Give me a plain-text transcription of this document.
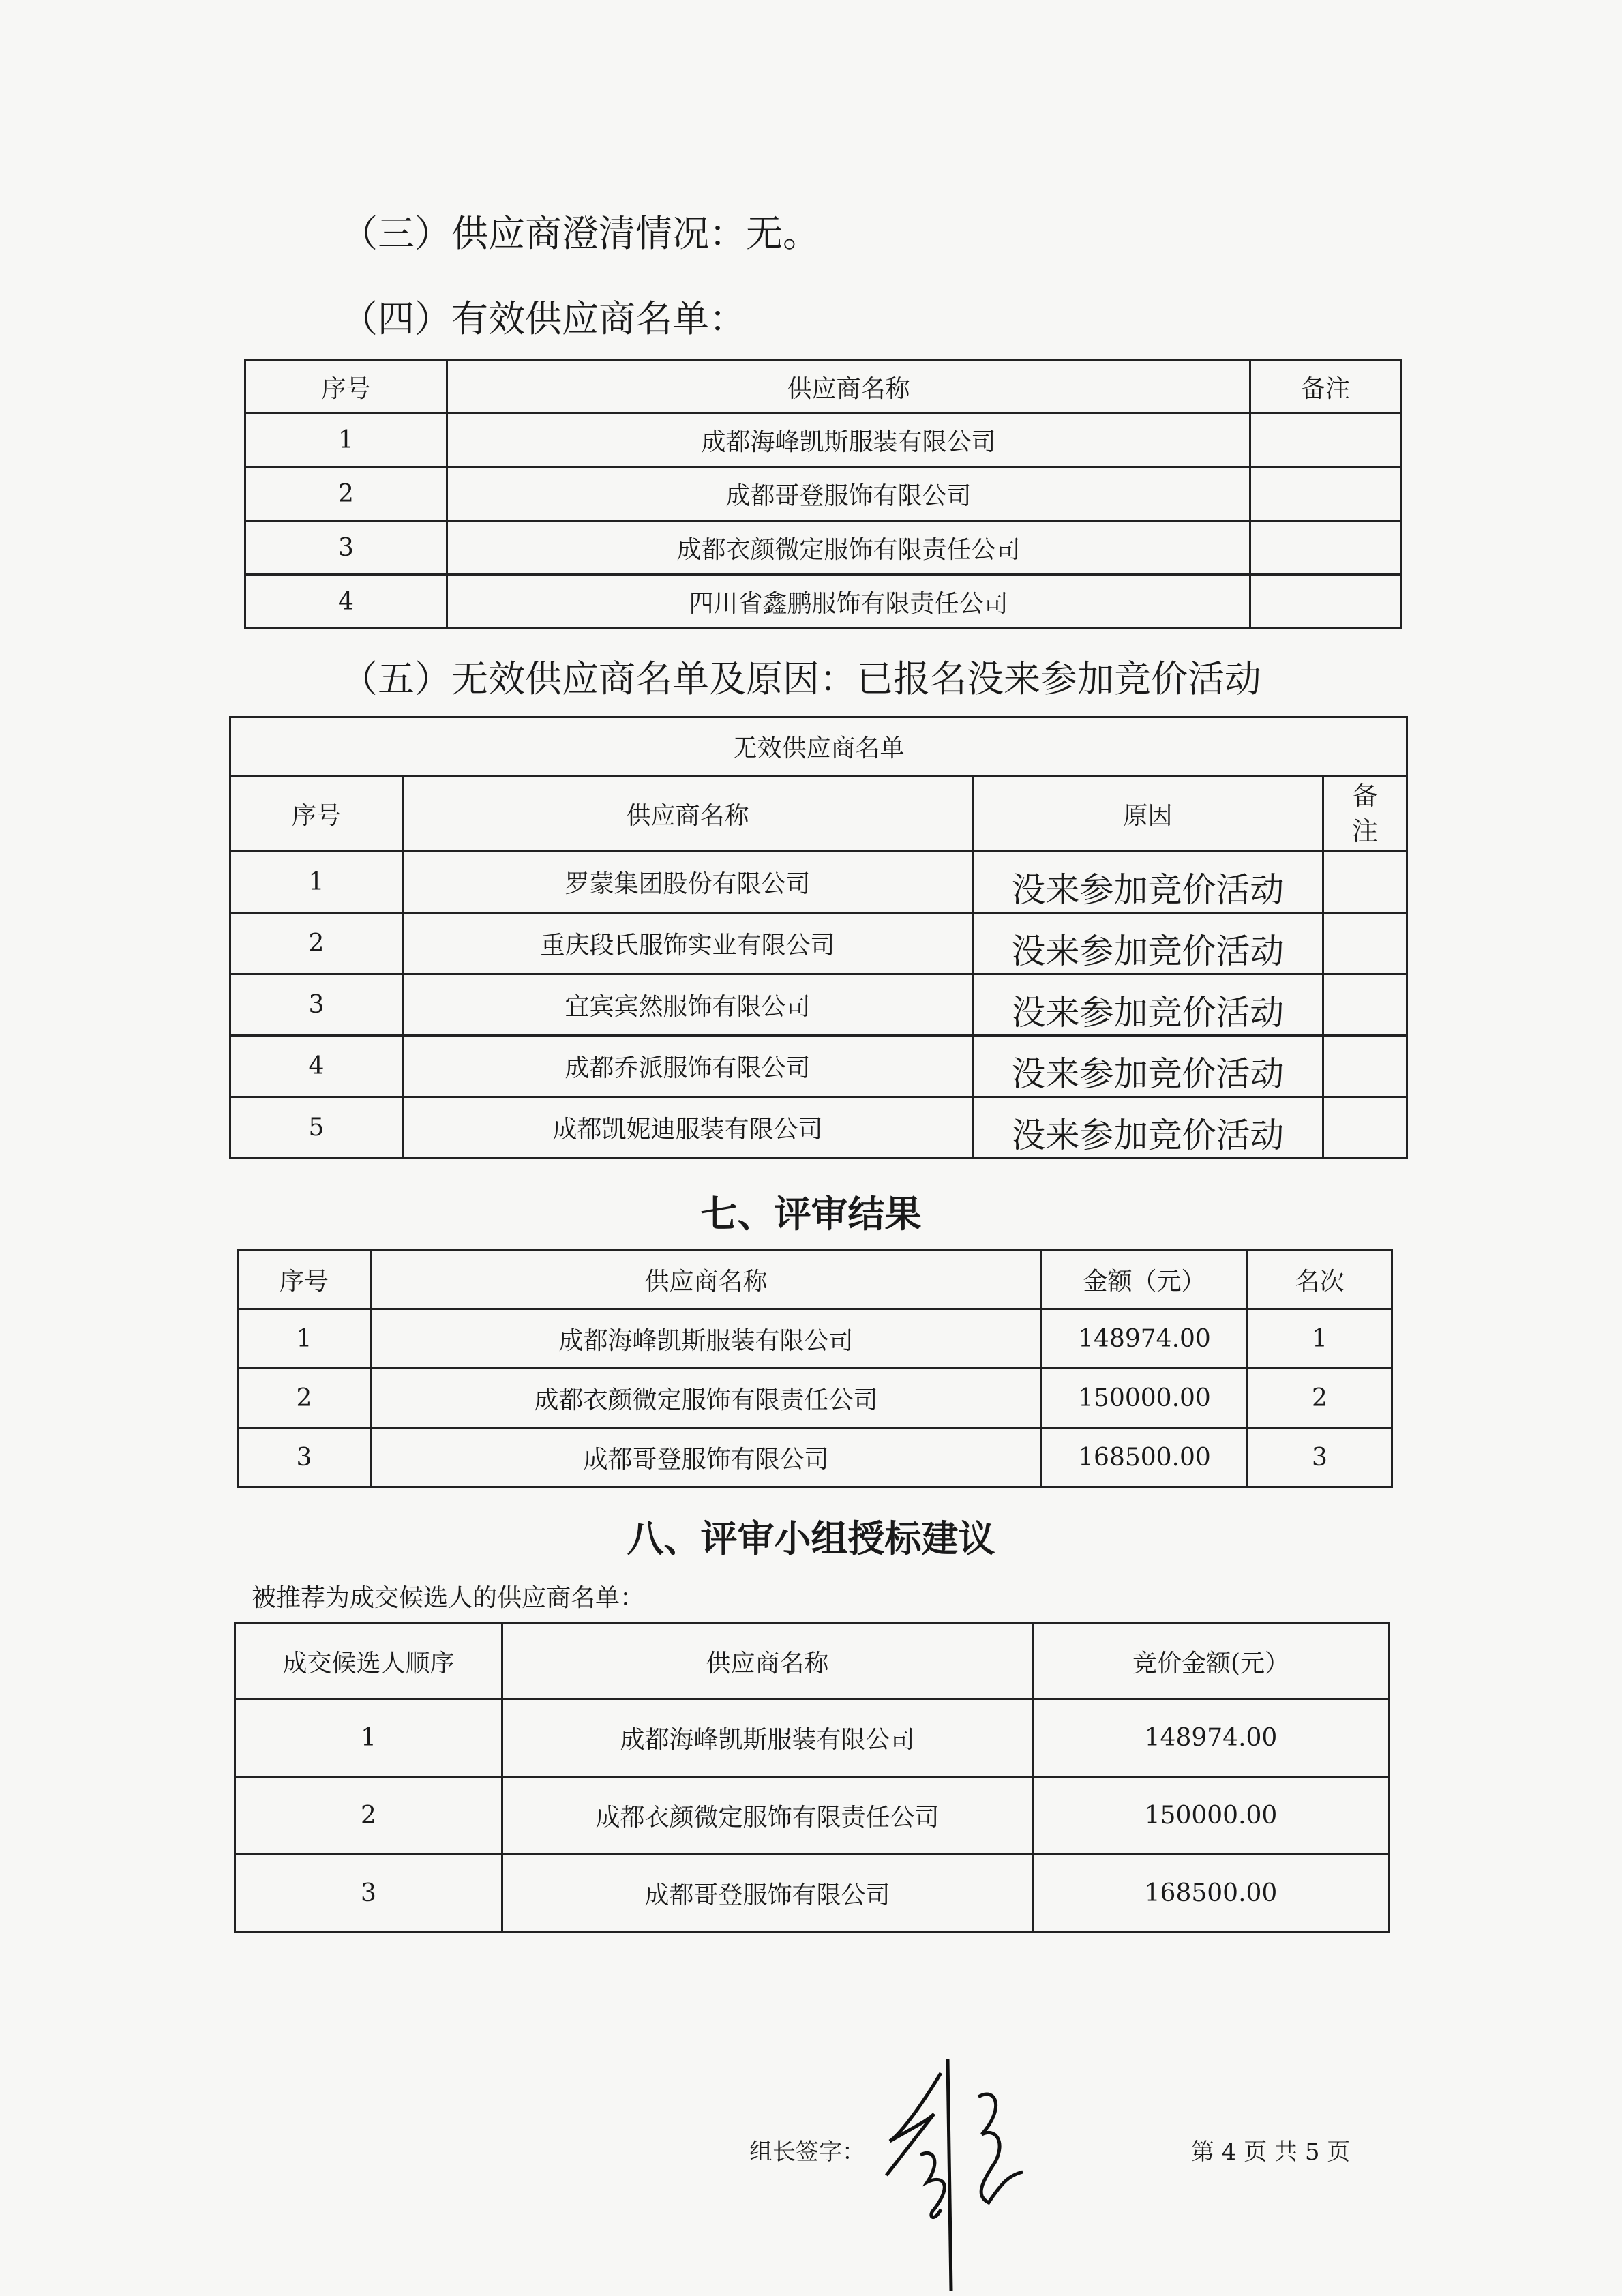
（三）供应商澄清情况：无。
（四）有效供应商名单：
序号	供应商名称	备注
1	成都海峰凯斯服装有限公司	
2	成都哥登服饰有限公司	
3	成都衣颜微定服饰有限责任公司	
4	四川省鑫鹏服饰有限责任公司	
（五）无效供应商名单及原因：已报名没来参加竞价活动
无效供应商名单			
序号	供应商名称	原因	备注
1	罗蒙集团股份有限公司	没来参加竞价活动	
2	重庆段氏服饰实业有限公司	没来参加竞价活动	
3	宜宾宾然服饰有限公司	没来参加竞价活动	
4	成都乔派服饰有限公司	没来参加竞价活动	
5	成都凯妮迪服装有限公司	没来参加竞价活动	
七、评审结果
序号	供应商名称	金额（元）	名次
1	成都海峰凯斯服装有限公司	148974.00	1
2	成都衣颜微定服饰有限责任公司	150000.00	2
3	成都哥登服饰有限公司	168500.00	3
八、评审小组授标建议
被推荐为成交候选人的供应商名单：
成交候选人顺序	供应商名称	竞价金额(元）
1	成都海峰凯斯服装有限公司	148974.00
2	成都衣颜微定服饰有限责任公司	150000.00
3	成都哥登服饰有限公司	168500.00
组长签字：	第 4 页 共 5 页
